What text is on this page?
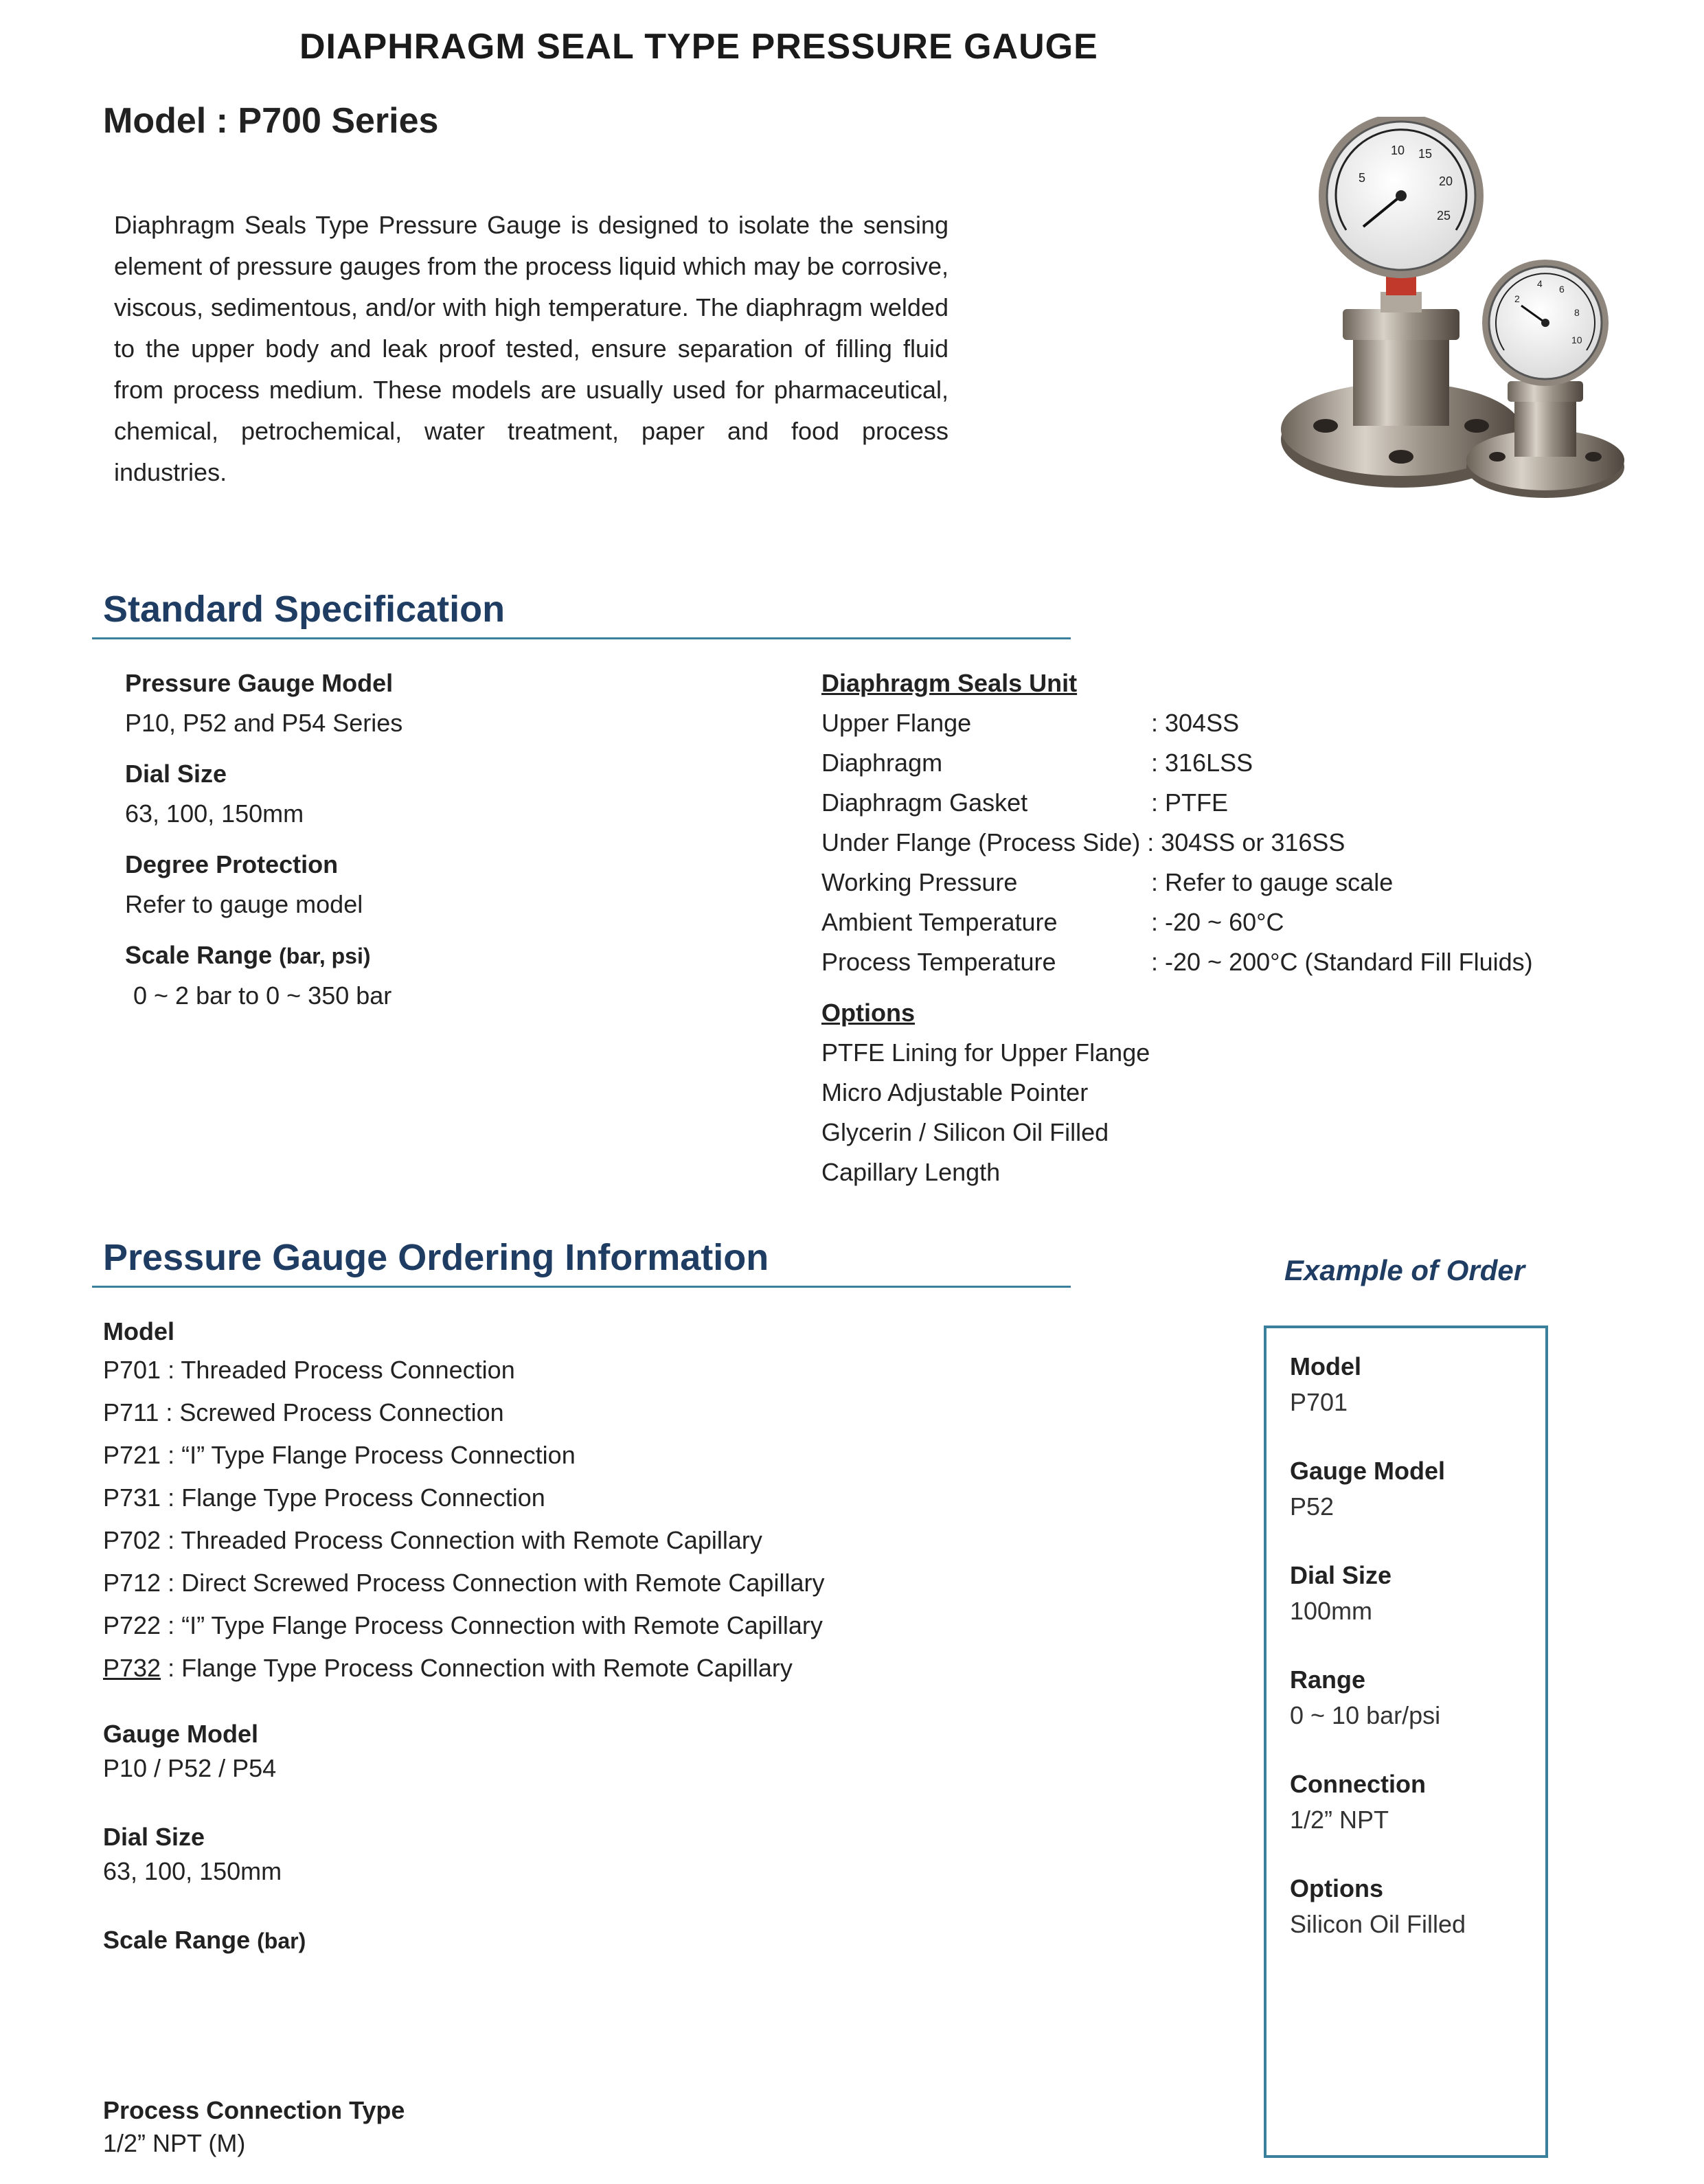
DIAPHRAGM SEAL TYPE PRESSURE GAUGE
Model : P700 Series
Diaphragm Seals Type Pressure Gauge is designed to isolate the sensing element of pressure gauges from the process liquid which may be corrosive, viscous, sedimentous, and/or with high temperature. The diaphragm welded to the upper body and leak proof tested, ensure separation of filling fluid from process medium. These models are usually used for pharmaceutical, chemical, petrochemical, water treatment, paper and food process industries.
10 15
20
25
5
4 6
8
10
2
Standard Specification
Pressure Gauge Model
P10, P52 and P54 Series
Dial Size
63, 100, 150mm
Degree Protection
Refer to gauge model
Scale Range (bar, psi)
0 ~ 2 bar to 0 ~ 350 bar
Diaphragm Seals Unit
Upper Flange	: 304SS
Diaphragm	: 316LSS
Diaphragm Gasket	: PTFE
Under Flange (Process Side)
: 304SS or 316SS
Working Pressure	: Refer to gauge scale
Ambient Temperature	: -20 ~ 60°C
Process Temperature	: -20 ~ 200°C (Standard Fill Fluids)
Options
PTFE Lining for Upper Flange
Micro Adjustable Pointer
Glycerin / Silicon Oil Filled
Capillary Length
Pressure Gauge Ordering Information
Model
P701 : Threaded Process Connection
P711 : Screwed Process Connection
P721 : “I” Type Flange Process Connection
P731 : Flange Type Process Connection
P702 : Threaded Process Connection with Remote Capillary
P712 : Direct Screwed Process Connection with Remote Capillary
P722 : “I” Type Flange Process Connection with Remote Capillary
P732 : Flange Type Process Connection with Remote Capillary
Gauge Model
P10 / P52 / P54
Dial Size
63, 100, 150mm
Scale Range (bar)
Process Connection Type
1/2” NPT (M)
Example of Order
Model
P701
Gauge Model
P52
Dial Size
100mm
Range
0 ~ 10 bar/psi
Connection
1/2” NPT
Options
Silicon Oil Filled
